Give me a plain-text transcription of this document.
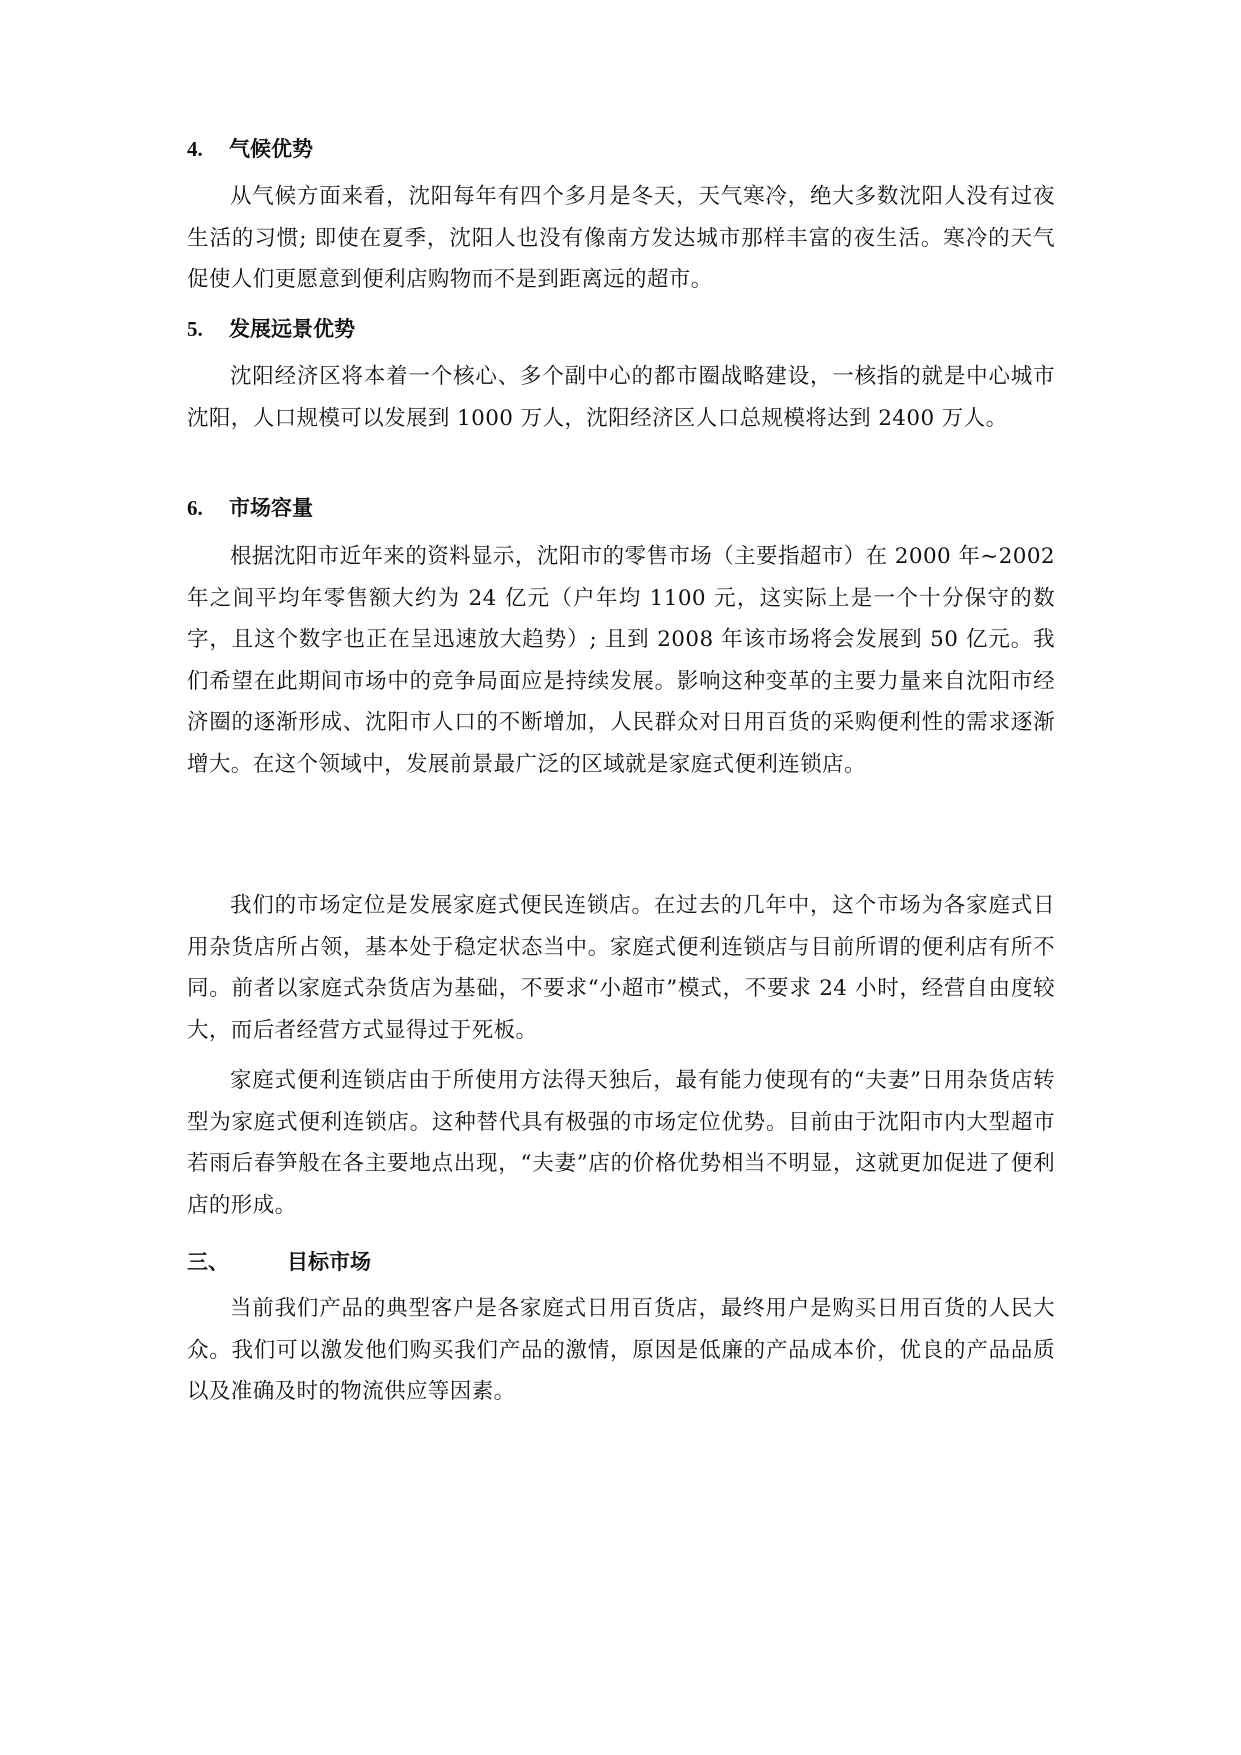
4. 气候优势

从气候方面来看，沈阳每年有四个多月是冬天，天气寒冷，绝大多数沈阳人没有过夜生活的习惯; 即使在夏季，沈阳人也没有像南方发达城市那样丰富的夜生活。寒冷的天气促使人们更愿意到便利店购物而不是到距离远的超市。

5. 发展远景优势

沈阳经济区将本着一个核心、多个副中心的都市圈战略建设，一核指的就是中心城市沈阳，人口规模可以发展到 1000 万人，沈阳经济区人口总规模将达到 2400 万人。

6. 市场容量

根据沈阳市近年来的资料显示，沈阳市的零售市场（主要指超市）在 2000 年~2002 年之间平均年零售额大约为 24 亿元（户年均 1100 元，这实际上是一个十分保守的数字，且这个数字也正在呈迅速放大趋势）; 且到 2008 年该市场将会发展到 50 亿元。我们希望在此期间市场中的竞争局面应是持续发展。影响这种变革的主要力量来自沈阳市经济圈的逐渐形成、沈阳市人口的不断增加，人民群众对日用百货的采购便利性的需求逐渐增大。在这个领域中，发展前景最广泛的区域就是家庭式便利连锁店。

我们的市场定位是发展家庭式便民连锁店。在过去的几年中，这个市场为各家庭式日用杂货店所占领，基本处于稳定状态当中。家庭式便利连锁店与目前所谓的便利店有所不同。前者以家庭式杂货店为基础，不要求“小超市”模式，不要求 24 小时，经营自由度较大，而后者经营方式显得过于死板。

家庭式便利连锁店由于所使用方法得天独后，最有能力使现有的“夫妻”日用杂货店转型为家庭式便利连锁店。这种替代具有极强的市场定位优势。目前由于沈阳市内大型超市若雨后春笋般在各主要地点出现，“夫妻”店的价格优势相当不明显，这就更加促进了便利店的形成。

三、	目标市场

当前我们产品的典型客户是各家庭式日用百货店，最终用户是购买日用百货的人民大众。我们可以激发他们购买我们产品的激情，原因是低廉的产品成本价，优良的产品品质以及准确及时的物流供应等因素。
